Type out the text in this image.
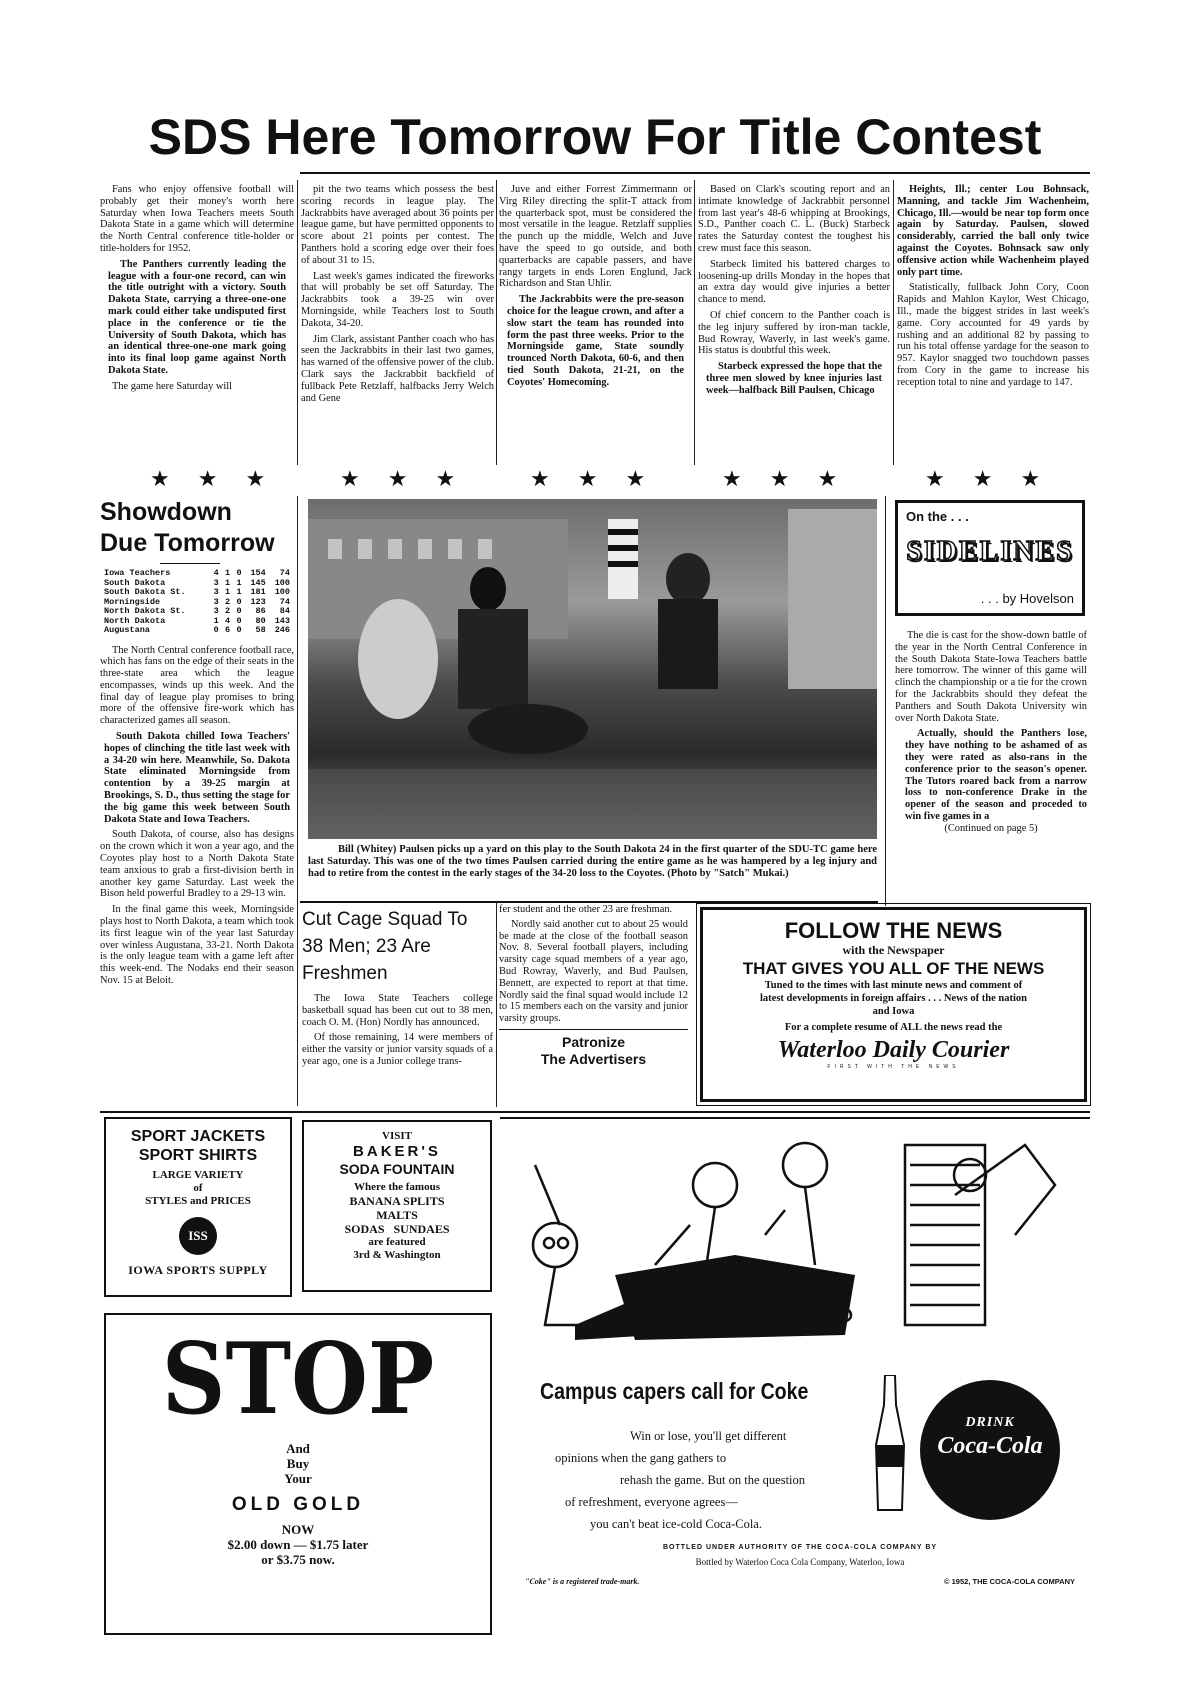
SDS Here Tomorrow For Title Contest

Fans who enjoy offensive football will probably get their money's worth here Saturday when Iowa Teachers meets South Dakota State in a game which will determine the North Central conference title-holder or title-holders for 1952.

The Panthers currently leading the league with a four-one record, can win the title outright with a victory. South Dakota State, carrying a three-one-one mark could either take undisputed first place in the conference or tie the University of South Dakota, which has an identical three-one-one mark going into its final loop game against North Dakota State.

The game here Saturday will

pit the two teams which possess the best scoring records in league play. The Jackrabbits have averaged about 36 points per league game, but have permitted opponents to score about 21 points per contest. The Panthers hold a scoring edge over their foes of about 31 to 15.

Last week's games indicated the fireworks that will probably be set off Saturday. The Jackrabbits took a 39-25 win over Morningside, while Teachers lost to South Dakota, 34-20.

Jim Clark, assistant Panther coach who has seen the Jackrabbits in their last two games, has warned of the offensive power of the club. Clark says the Jackrabbit backfield of fullback Pete Retzlaff, halfbacks Jerry Welch and Gene

Juve and either Forrest Zimmermann or Virg Riley directing the split-T attack from the quarterback spot, must be considered the most versatile in the league. Retzlaff supplies the punch up the middle, Welch and Juve have the speed to go outside, and both quarterbacks are capable passers, and have rangy targets in ends Loren Englund, Jack Richardson and Stan Uhlir.

The Jackrabbits were the pre-season choice for the league crown, and after a slow start the team has rounded into form the past three weeks. Prior to the Morningside game, State soundly trounced North Dakota, 60-6, and then tied South Dakota, 21-21, on the Coyotes' Homecoming.

Based on Clark's scouting report and an intimate knowledge of Jackrabbit personnel from last year's 48-6 whipping at Brookings, S.D., Panther coach C. L. (Buck) Starbeck rates the Saturday contest the toughest his crew must face this season.

Starbeck limited his battered charges to loosening-up drills Monday in the hopes that an extra day would give injuries a better chance to mend.

Of chief concern to the Panther coach is the leg injury suffered by iron-man tackle, Bud Rowray, Waverly, in last week's game. His status is doubtful this week.

Starbeck expressed the hope that the three men slowed by knee injuries last week—halfback Bill Paulsen, Chicago

Heights, Ill.; center Lou Bohnsack, Manning, and tackle Jim Wachenheim, Chicago, Ill.—would be near top form once again by Saturday. Paulsen, slowed considerably, carried the ball only twice against the Coyotes. Bohnsack saw only offensive action while Wachenheim played only part time.

Statistically, fullback John Cory, Coon Rapids and Mahlon Kaylor, West Chicago, Ill., made the biggest strides in last week's game. Cory accounted for 49 yards by rushing and an additional 82 by passing to run his total offense yardage for the season to 957. Kaylor snagged two touchdown passes from Cory in the game to increase his reception total to nine and yardage to 147.

★★★ ★★★ ★★★ ★★★	★★★
Showdown
Due Tomorrow
Iowa Teachers	4	1	0	154	74
South Dakota	3	1	1	145	100
South Dakota St.	3	1	1	181	100
Morningside	3	2	0	123	74
North Dakota St.	3	2	0	86	84
North Dakota	1	4	0	80	143
Augustana	0	6	0	58	246

The North Central conference football race, which has fans on the edge of their seats in the three-state area which the league encompasses, winds up this week. And the final day of league play promises to bring more of the offensive fire-work which has characterized games all season.

South Dakota chilled Iowa Teachers' hopes of clinching the title last week with a 34-20 win here. Meanwhile, So. Dakota State eliminated Morningside from contention by a 39-25 margin at Brookings, S. D., thus setting the stage for the big game this week between South Dakota State and Iowa Teachers.

South Dakota, of course, also has designs on the crown which it won a year ago, and the Coyotes play host to a North Dakota State team anxious to grab a first-division berth in another key game Saturday. Last week the Bison held powerful Bradley to a 29-13 win.

In the final game this week, Morningside plays host to North Dakota, a team which took its first league win of the year last Saturday over winless Augustana, 33-21. North Dakota is the only league team with a game left after this week-end. The Nodaks end their season Nov. 15 at Beloit.

Bill (Whitey) Paulsen picks up a yard on this play to the South Dakota 24 in the first quarter of the SDU-TC game here last Saturday. This was one of the two times Paulsen carried during the entire game as he was hampered by a leg injury and had to retire from the contest in the early stages of the 34-20 loss to the Coyotes. (Photo by "Satch" Mukai.)
On the . . .
SIDELINES
. . . by Hovelson

The die is cast for the show-down battle of the year in the North Central Conference in the South Dakota State-Iowa Teachers battle here tomorrow. The winner of this game will clinch the championship or a tie for the crown for the Jackrabbits should they defeat the Panthers and South Dakota University win over North Dakota State.

Actually, should the Panthers lose, they have nothing to be ashamed of as they were rated as also-rans in the conference prior to the season's opener. The Tutors roared back from a narrow loss to non-conference Drake in the opener of the season and proceded to win five games in a

(Continued on page 5)
Cut Cage Squad To 38 Men; 23 Are Freshmen

The Iowa State Teachers college basketball squad has been cut out to 38 men, coach O. M. (Hon) Nordly has announced.

Of those remaining, 14 were members of either the varsity or junior varsity squads of a year ago, one is a Junior college trans-

fer student and the other 23 are freshman.

Nordly said another cut to about 25 would be made at the close of the football season Nov. 8. Several football players, including varsity cage squad members of a year ago, Bud Rowray, Waverly, and Bud Paulsen, Bennett, are expected to report at that time. Nordly said the final squad would include 12 to 15 members each on the varsity and junior varsity groups.

Patronize
The Advertisers
FOLLOW THE NEWS
with the Newspaper
THAT GIVES YOU ALL OF THE NEWS
Tuned to the times with last minute news and comment of latest developments in foreign affairs . . . News of the nation and Iowa
For a complete resume of ALL the news read the
Waterloo Daily Courier
FIRST WITH THE NEWS
SPORT JACKETS
SPORT SHIRTS
LARGE VARIETY
of
STYLES and PRICES
ISS
IOWA SPORTS SUPPLY
VISIT
BAKER'S
SODA FOUNTAIN
Where the famous
BANANA SPLITS
MALTS
SODAS   SUNDAES
are featured
3rd & Washington
STOP
And
Buy
Your
OLD GOLD
NOW
$2.00 down — $1.75 later
or $3.75 now.
Campus capers call for Coke
Win or lose, you'll get different
opinions when the gang gathers to
rehash the game. But on the question
of refreshment, everyone agrees—
you can't beat ice-cold Coca-Cola.
DRINK
Coca-Cola
BOTTLED UNDER AUTHORITY OF THE COCA-COLA COMPANY BY
Bottled by Waterloo Coca Cola Company, Waterloo, Iowa
"Coke" is a registered trade-mark.	© 1952, THE COCA-COLA COMPANY
